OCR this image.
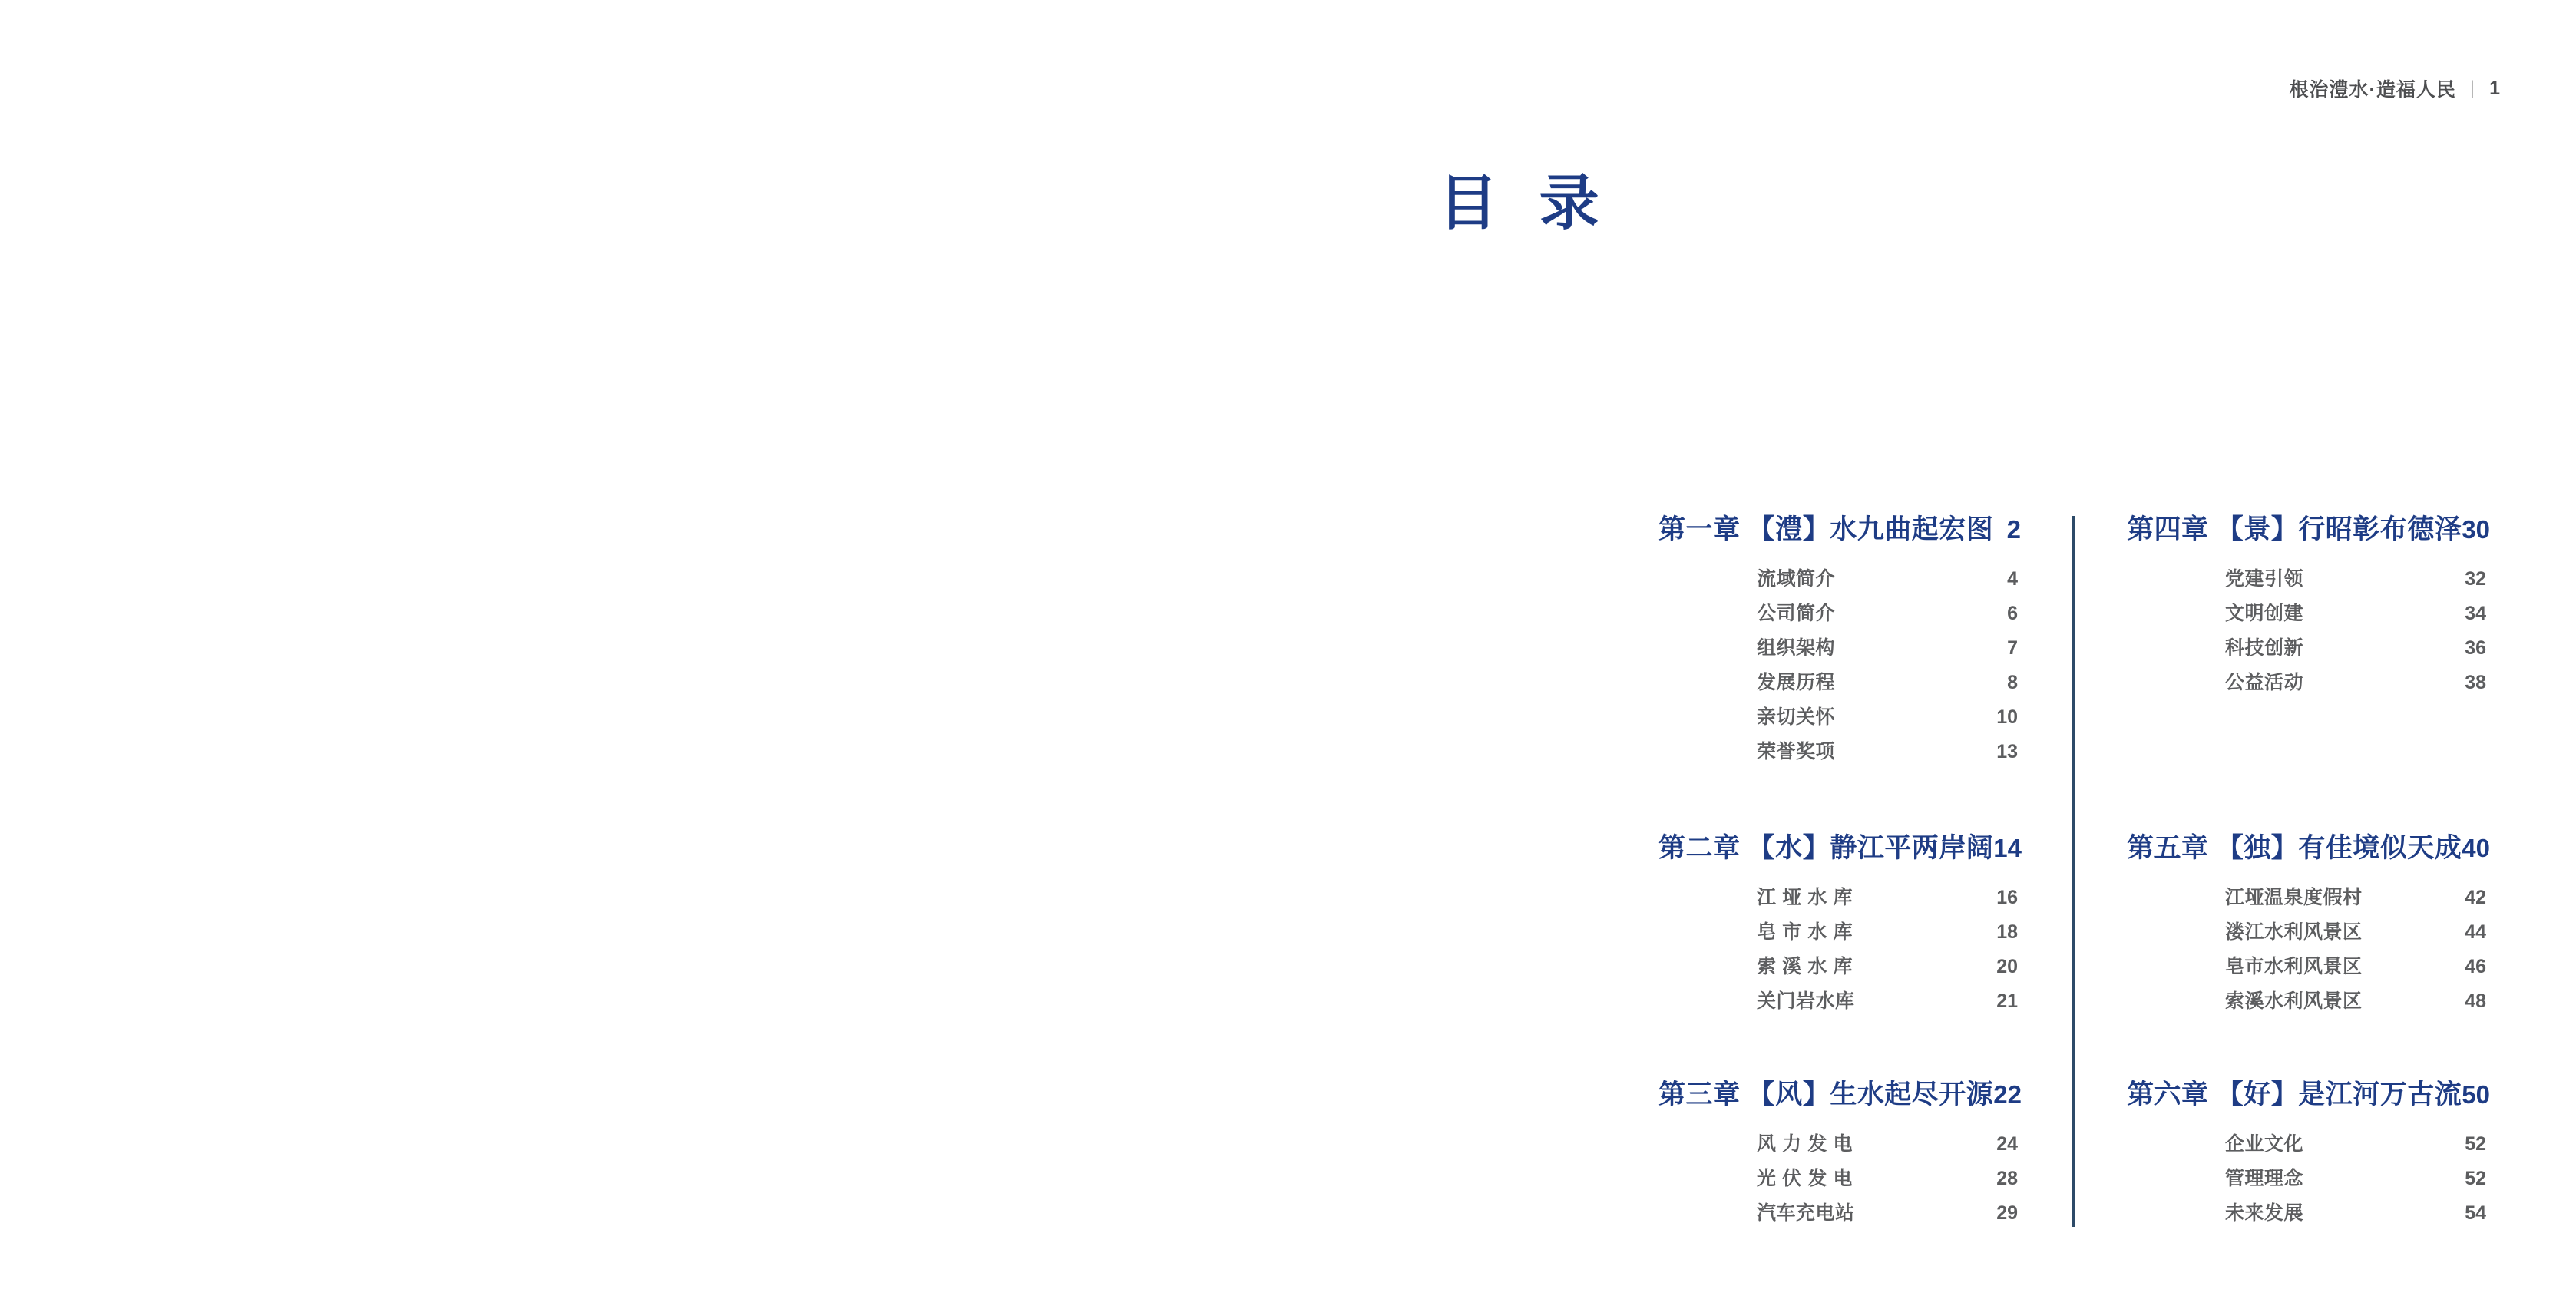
根治澧水·造福人民 | 1
目 录
第一章 【澧】水九曲起宏图 2
流域简介	4
公司简介	6
组织架构	7
发展历程	8
亲切关怀	10
荣誉奖项	13
第二章 【水】静江平两岸阔 14
江垭水库	16
皂市水库	18
索溪水库	20
关门岩水库	21
第三章 【风】生水起尽开源 22
风力发电	24
光伏发电	28
汽车充电站	29
第四章 【景】行昭彰布德泽 30
党建引领	32
文明创建	34
科技创新	36
公益活动	38
第五章 【独】有佳境似天成 40
江垭温泉度假村	42
溇江水利风景区	44
皂市水利风景区	46
索溪水利风景区	48
第六章 【好】是江河万古流 50
企业文化	52
管理理念	52
未来发展	54
